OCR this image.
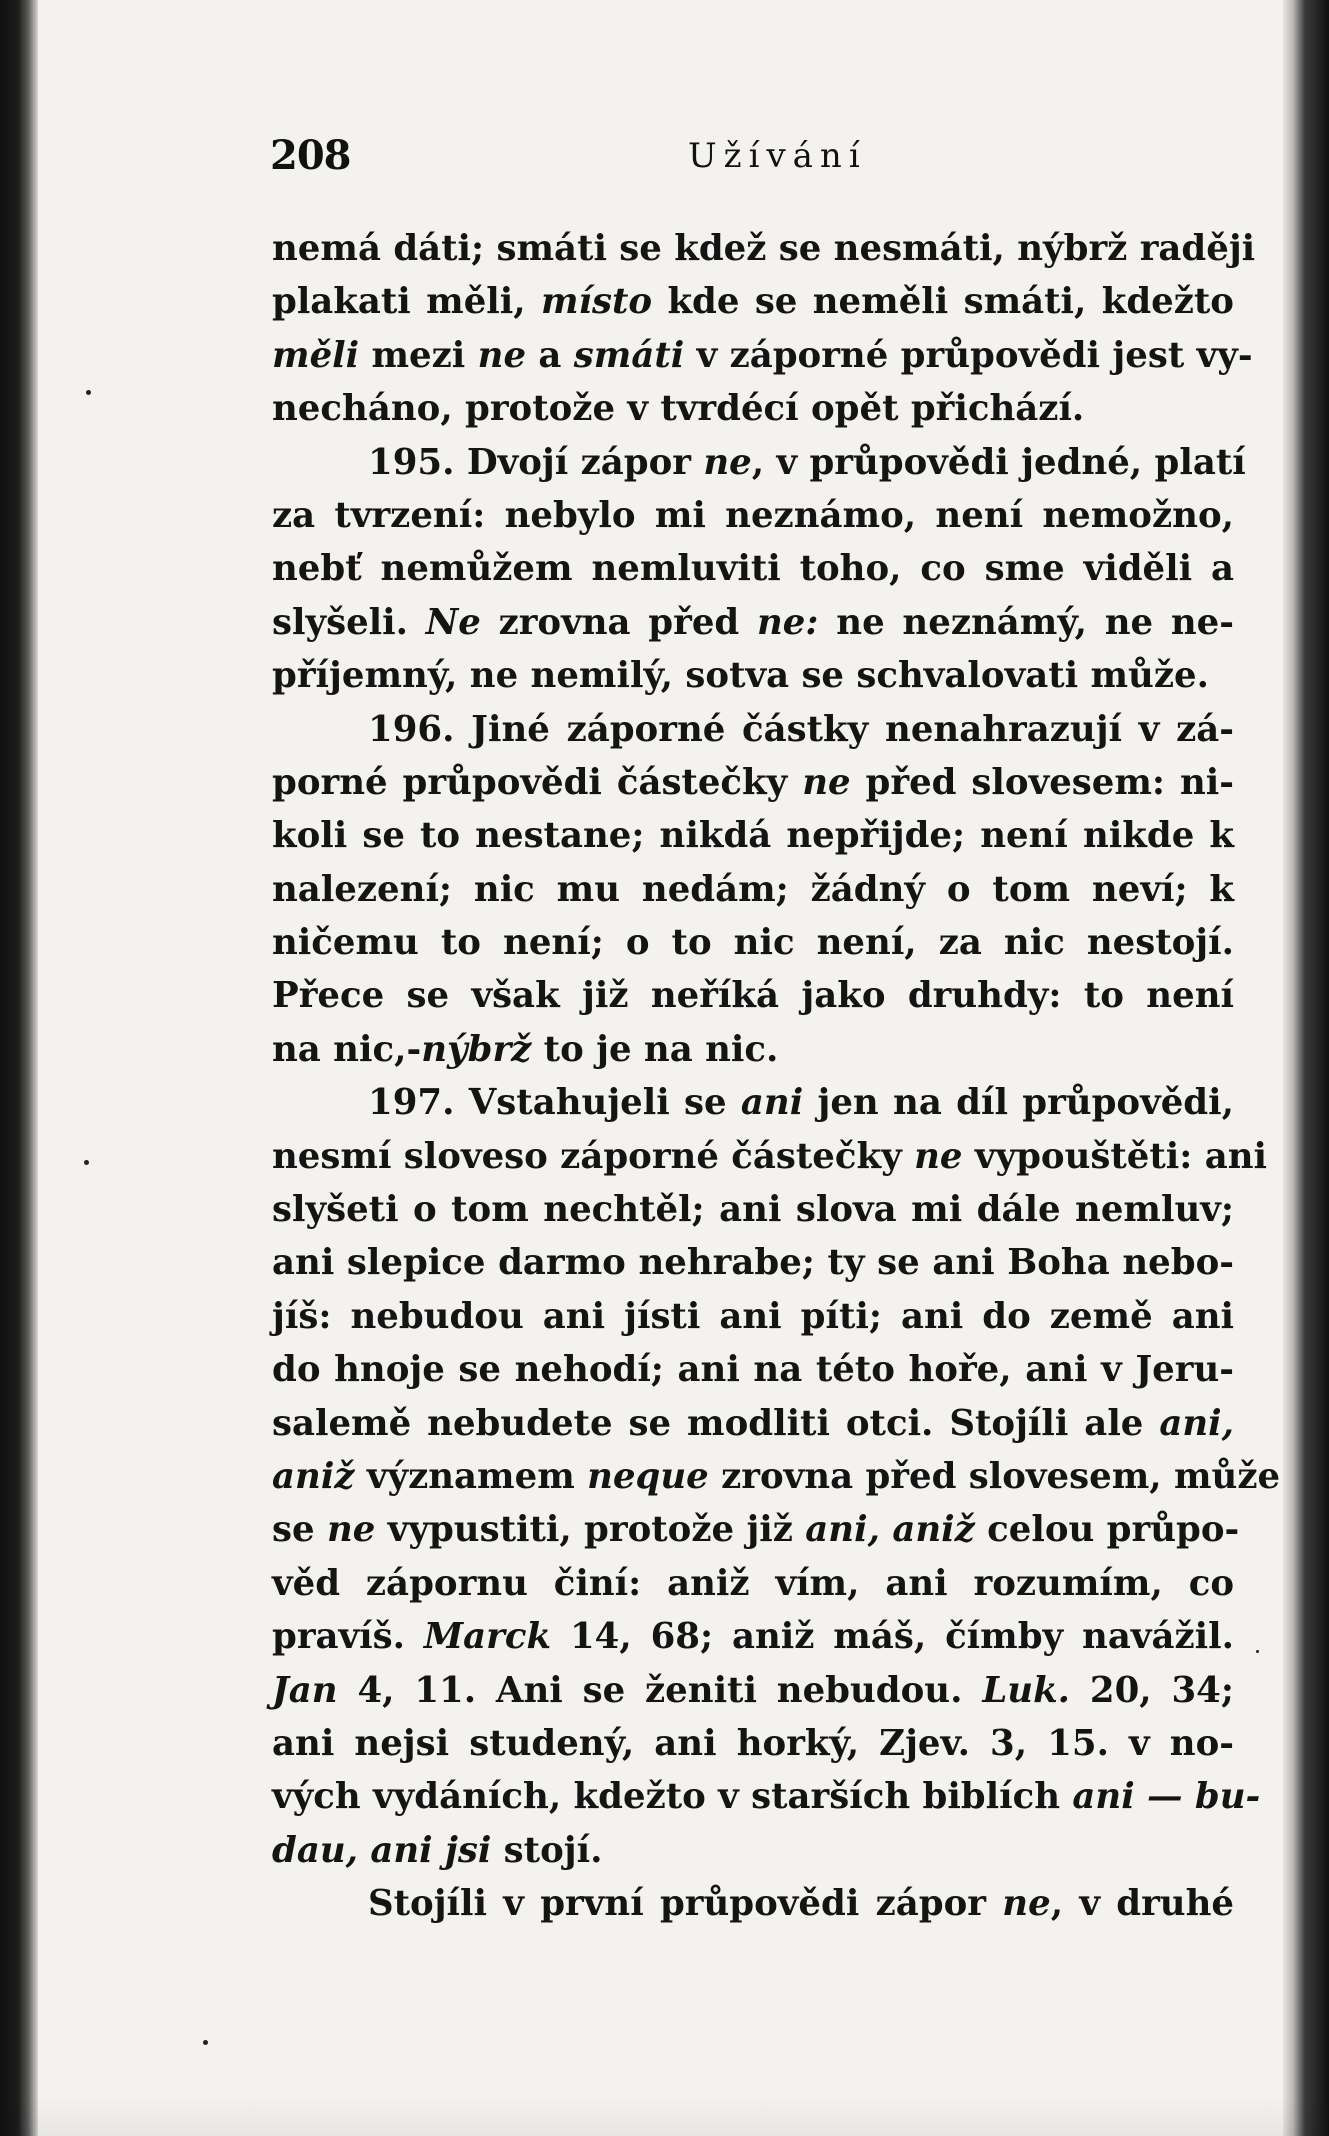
208	Užívání
nemá dáti; smáti se kdež se nesmáti, nýbrž raději
plakati měli, místo kde se neměli smáti, kdežto
měli mezi ne a smáti v záporné průpovědi jest vy-
necháno, protože v tvrdécí opět přichází.
195. Dvojí zápor ne, v průpovědi jedné, platí
za tvrzení: nebylo mi neznámo, není nemožno,
nebť nemůžem nemluviti toho, co sme viděli a
slyšeli. Ne zrovna před ne: ne neznámý, ne ne-
příjemný, ne nemilý, sotva se schvalovati může.
196. Jiné záporné částky nenahrazují v zá-
porné průpovědi částečky ne před slovesem: ni-
koli se to nestane; nikdá nepřijde; není nikde k
nalezení; nic mu nedám; žádný o tom neví; k
ničemu to není; o to nic není, za nic nestojí.
Přece se však již neříká jako druhdy: to není
na nic,-nýbrž to je na nic.
197. Vstahujeli se ani jen na díl průpovědi,
nesmí sloveso záporné částečky ne vypouštěti: ani
slyšeti o tom nechtěl; ani slova mi dále nemluv;
ani slepice darmo nehrabe; ty se ani Boha nebo-
jíš: nebudou ani jísti ani píti; ani do země ani
do hnoje se nehodí; ani na této hoře, ani v Jeru-
salemě nebudete se modliti otci. Stojíli ale ani,
aniž významem neque zrovna před slovesem, může
se ne vypustiti, protože již ani, aniž celou průpo-
věd zápornu činí: aniž vím, ani rozumím, co
pravíš. Marck 14, 68; aniž máš, čímby navážil.
Jan 4, 11. Ani se ženiti nebudou. Luk. 20, 34;
ani nejsi studený, ani horký, Zjev. 3, 15. v no-
vých vydáních, kdežto v starších biblích ani — bu-
dau, ani jsi stojí.
Stojíli v první průpovědi zápor ne, v druhé
